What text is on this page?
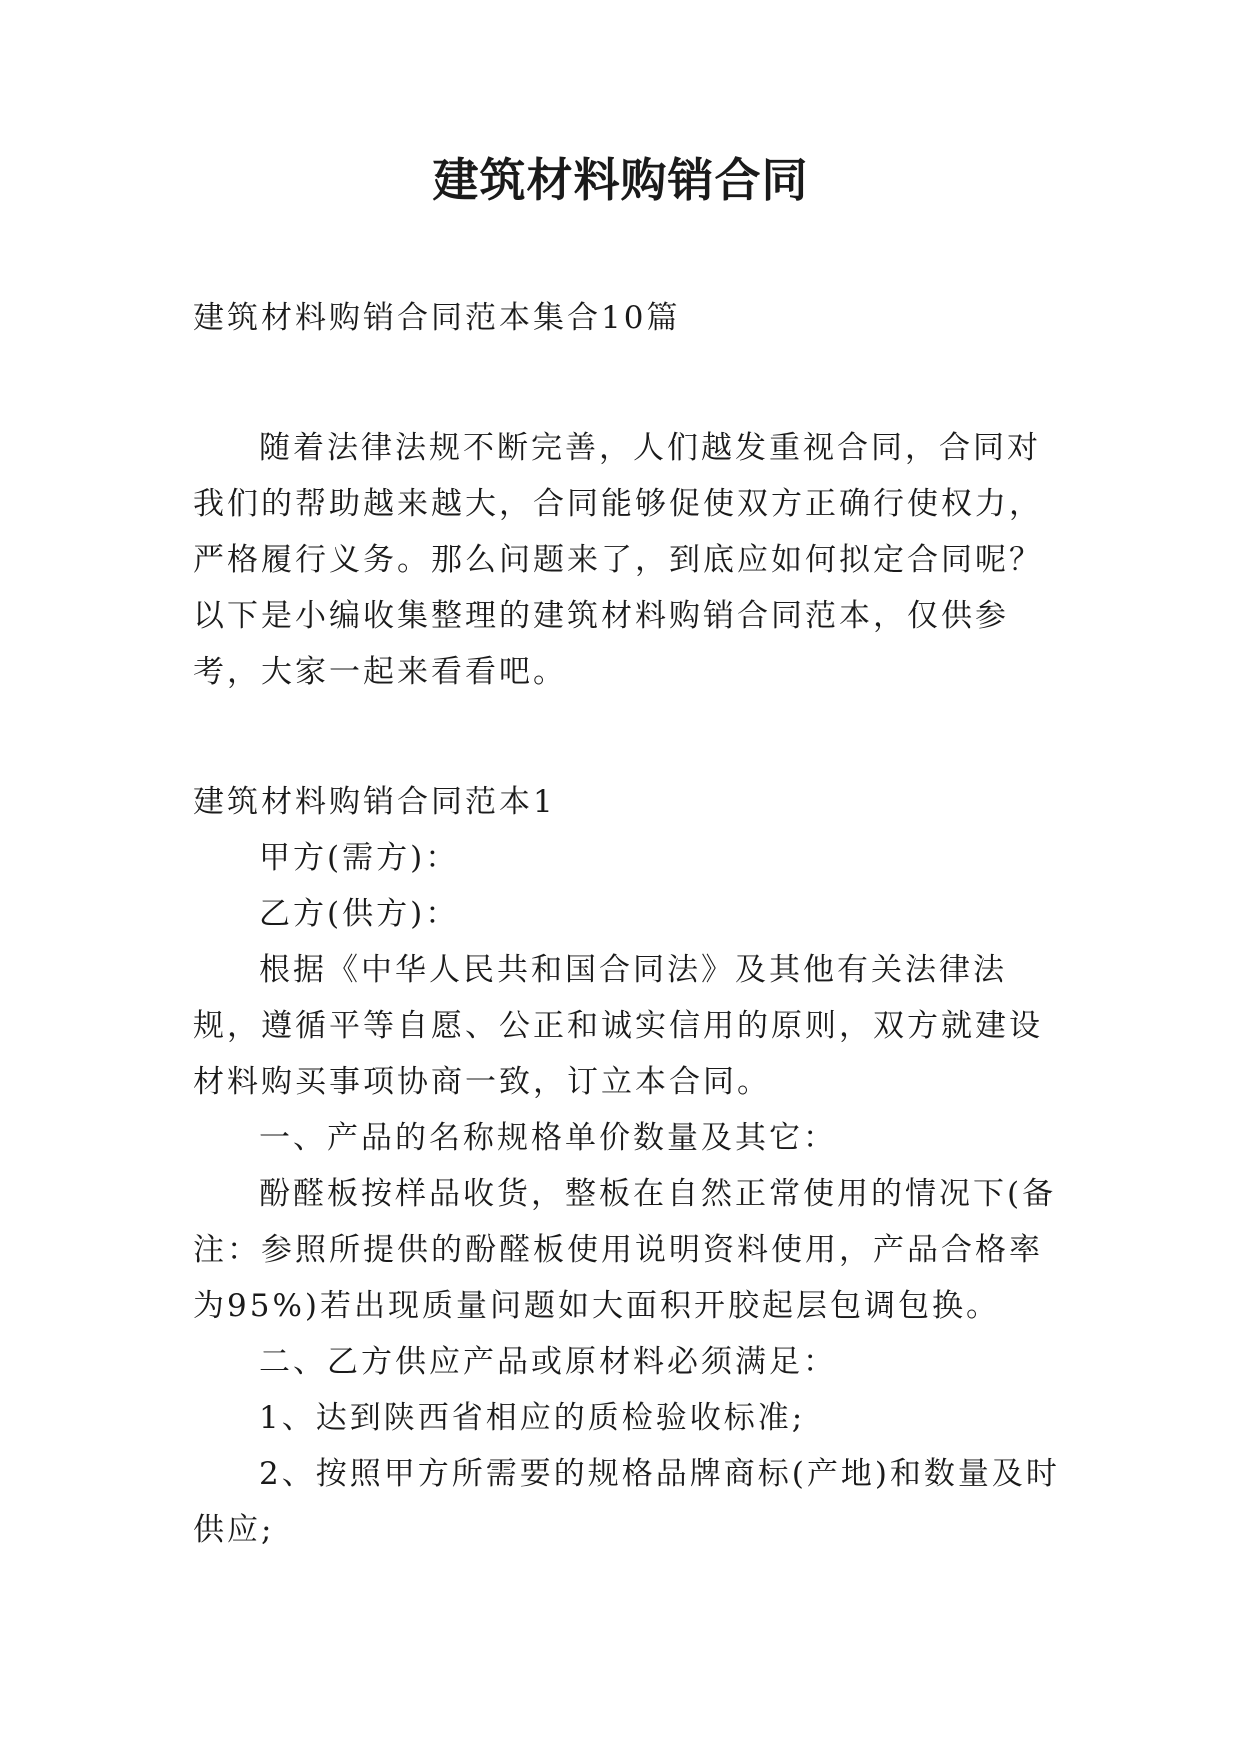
建筑材料购销合同

建筑材料购销合同范本集合10篇

随着法律法规不断完善，人们越发重视合同，合同对我们的帮助越来越大，合同能够促使双方正确行使权力，严格履行义务。那么问题来了，到底应如何拟定合同呢？以下是小编收集整理的建筑材料购销合同范本，仅供参考，大家一起来看看吧。

建筑材料购销合同范本1

甲方(需方)：

乙方(供方)：

根据《中华人民共和国合同法》及其他有关法律法规，遵循平等自愿、公正和诚实信用的原则，双方就建设材料购买事项协商一致，订立本合同。

一、产品的名称规格单价数量及其它：

酚醛板按样品收货，整板在自然正常使用的情况下(备注：参照所提供的酚醛板使用说明资料使用，产品合格率为95%)若出现质量问题如大面积开胶起层包调包换。

二、乙方供应产品或原材料必须满足：

1、达到陕西省相应的质检验收标准;

2、按照甲方所需要的规格品牌商标(产地)和数量及时供应;
